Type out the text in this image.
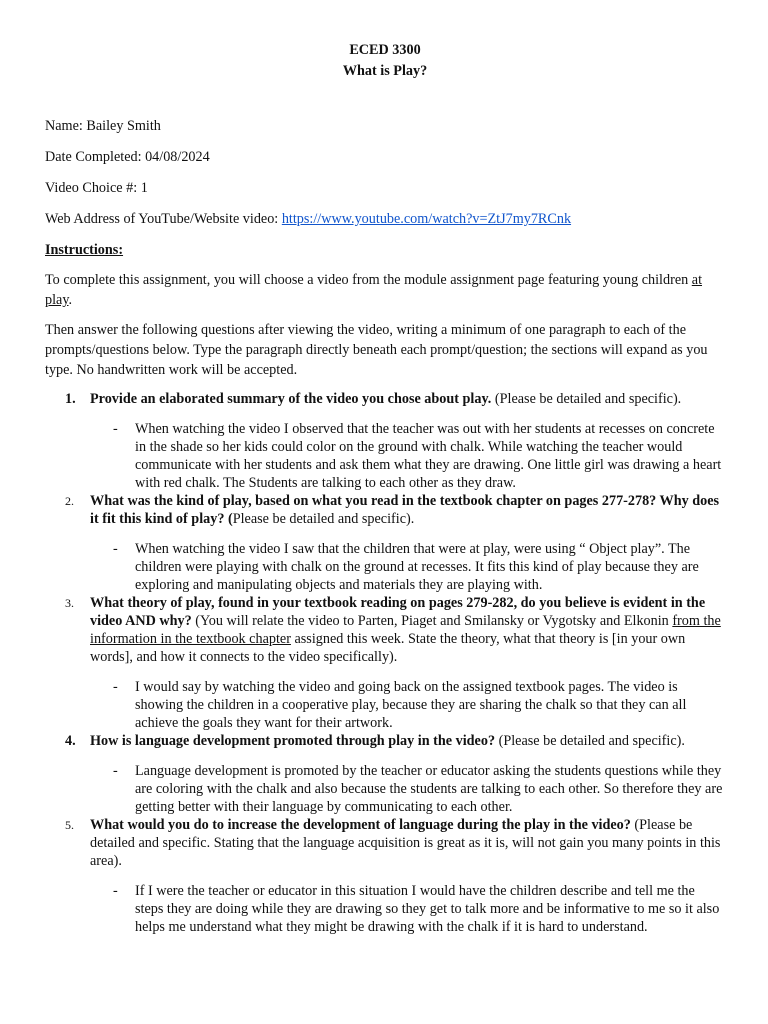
ECED 3300
What is Play?
Name: Bailey Smith
Date Completed: 04/08/2024
Video Choice #: 1
Web Address of YouTube/Website video: https://www.youtube.com/watch?v=ZtJ7my7RCnk
Instructions:
To complete this assignment, you will choose a video from the module assignment page featuring young children at play.
Then answer the following questions after viewing the video, writing a minimum of one paragraph to each of the prompts/questions below. Type the paragraph directly beneath each prompt/question; the sections will expand as you type. No handwritten work will be accepted.
1. Provide an elaborated summary of the video you chose about play. (Please be detailed and specific).
- When watching the video I observed that the teacher was out with her students at recesses on concrete in the shade so her kids could color on the ground with chalk. While watching the teacher would communicate with her students and ask them what they are drawing. One little girl was drawing a heart with red chalk. The Students are talking to each other as they draw.
2. What was the kind of play, based on what you read in the textbook chapter on pages 277-278? Why does it fit this kind of play? (Please be detailed and specific).
- When watching the video I saw that the children that were at play, were using “ Object play”. The children were playing with chalk on the ground at recesses. It fits this kind of play because they are exploring and manipulating objects and materials they are playing with.
3. What theory of play, found in your textbook reading on pages 279-282, do you believe is evident in the video AND why? (You will relate the video to Parten, Piaget and Smilansky or Vygotsky and Elkonin from the information in the textbook chapter assigned this week. State the theory, what that theory is [in your own words], and how it connects to the video specifically).
- I would say by watching the video and going back on the assigned textbook pages. The video is showing the children in a cooperative play, because they are sharing the chalk so that they can all achieve the goals they want for their artwork.
4. How is language development promoted through play in the video? (Please be detailed and specific).
- Language development is promoted by the teacher or educator asking the students questions while they are coloring with the chalk and also because the students are talking to each other. So therefore they are getting better with their language by communicating to each other.
5. What would you do to increase the development of language during the play in the video? (Please be detailed and specific. Stating that the language acquisition is great as it is, will not gain you many points in this area).
- If I were the teacher or educator in this situation I would have the children describe and tell me the steps they are doing while they are drawing so they get to talk more and be informative to me so it also helps me understand what they might be drawing with the chalk if it is hard to understand.
